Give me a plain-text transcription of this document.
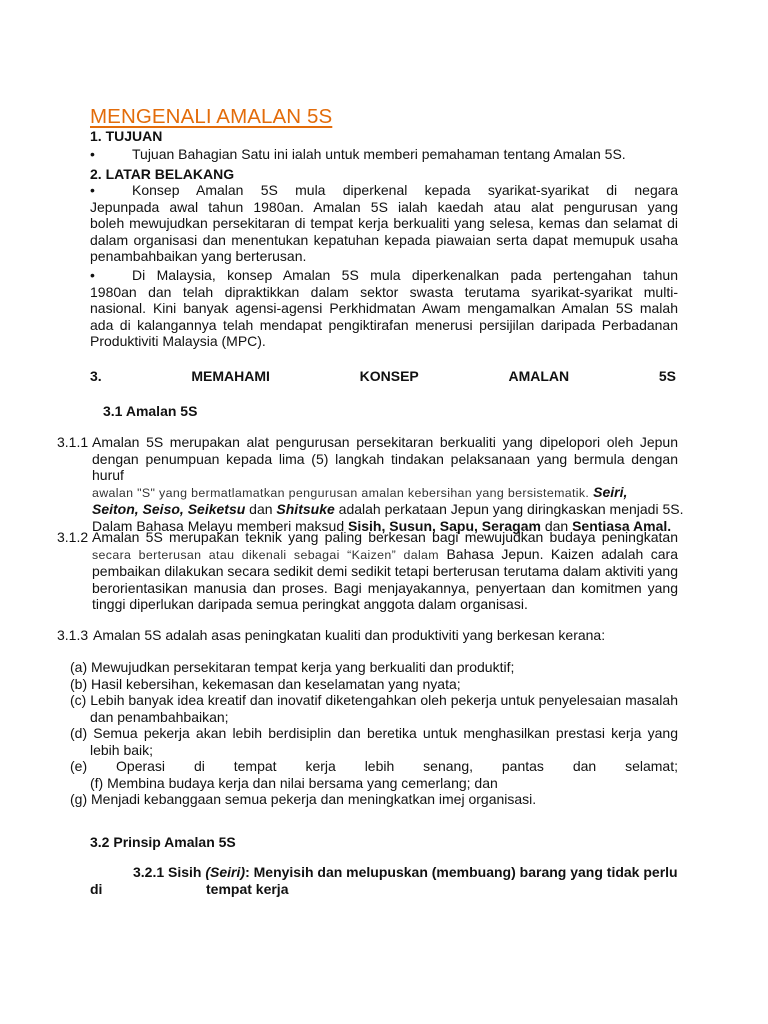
MENGENALI AMALAN 5S
1. TUJUAN
•	Tujuan Bahagian Satu ini ialah untuk memberi pemahaman tentang Amalan 5S.
2. LATAR BELAKANG
•	Konsep Amalan 5S mula diperkenal kepada syarikat-syarikat di negara
Jepunpada awal tahun 1980an. Amalan 5S ialah kaedah atau alat pengurusan yang
boleh mewujudkan persekitaran di tempat kerja berkualiti yang selesa, kemas dan selamat di
dalam organisasi dan menentukan kepatuhan kepada piawaian serta dapat memupuk usaha
penambahbaikan yang berterusan.
•	Di Malaysia, konsep Amalan 5S mula diperkenalkan pada pertengahan tahun
1980an dan telah dipraktikkan dalam sektor swasta terutama syarikat-syarikat multi-
nasional. Kini banyak agensi-agensi Perkhidmatan Awam mengamalkan Amalan 5S malah
ada di kalangannya telah mendapat pengiktirafan menerusi persijilan daripada Perbadanan
Produktiviti Malaysia (MPC).
3.	MEMAHAMI	KONSEP	AMALAN	5S
3.1 Amalan 5S
3.1.1 Amalan 5S merupakan alat pengurusan persekitaran berkualiti yang dipelopori oleh Jepun
dengan penumpuan kepada lima (5) langkah tindakan pelaksanaan yang bermula dengan huruf
awalan "S" yang bermatlamatkan pengurusan amalan kebersihan yang bersistematik. Seiri,
Seiton, Seiso, Seiketsu dan Shitsuke adalah perkataan Jepun yang diringkaskan menjadi 5S.
Dalam Bahasa Melayu memberi maksud Sisih, Susun, Sapu, Seragam dan Sentiasa Amal.
3.1.2 Amalan 5S merupakan teknik yang paling berkesan bagi mewujudkan budaya peningkatan
secara berterusan atau dikenali sebagai “Kaizen” dalam Bahasa Jepun. Kaizen adalah cara
pembaikan dilakukan secara sedikit demi sedikit tetapi berterusan terutama dalam aktiviti yang
berorientasikan manusia dan proses. Bagi menjayakannya, penyertaan dan komitmen yang
tinggi diperlukan daripada semua peringkat anggota dalam organisasi.
3.1.3 Amalan 5S adalah asas peningkatan kualiti dan produktiviti yang berkesan kerana:
(a) Mewujudkan persekitaran tempat kerja yang berkualiti dan produktif;
(b) Hasil kebersihan, kekemasan dan keselamatan yang nyata;
(c) Lebih banyak idea kreatif dan inovatif diketengahkan oleh pekerja untuk penyelesaian masalah
dan penambahbaikan;
(d) Semua pekerja akan lebih berdisiplin dan beretika untuk menghasilkan prestasi kerja yang
lebih baik;
(e) Operasi di tempat kerja lebih senang, pantas dan selamat;
(f) Membina budaya kerja dan nilai bersama yang cemerlang; dan
(g) Menjadi kebanggaan semua pekerja dan meningkatkan imej organisasi.
3.2 Prinsip Amalan 5S
3.2.1 Sisih (Seiri): Menyisih dan melupuskan (membuang) barang yang tidak perlu
di	tempat kerja
